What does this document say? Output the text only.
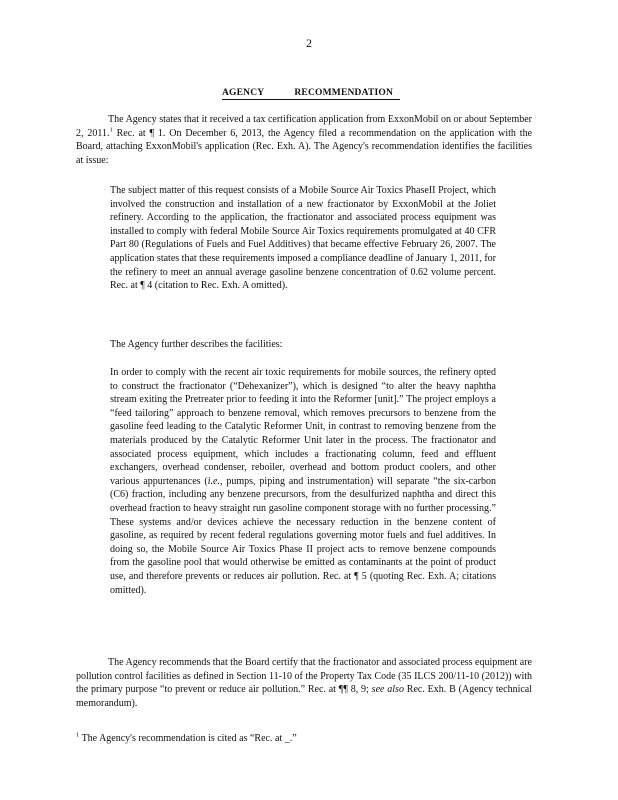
2
AGENCY	RECOMMENDATION

The Agency states that it received a tax certification application from ExxonMobil on or about September 2, 2011.$^1$ Rec. at ¶ 1. On December 6, 2013, the Agency filed a recommendation on the application with the Board, attaching ExxonMobil's application (Rec. Exh. A). The Agency's recommendation identifies the facilities at issue:

The subject matter of this request consists of a Mobile Source Air Toxics PhaseII Project, which involved the construction and installation of a new fractionator by ExxonMobil at the Joliet refinery. According to the application, the fractionator and associated process equipment was installed to comply with federal Mobile Source Air Toxics requirements promulgated at 40 CFR Part 80 (Regulations of Fuels and Fuel Additives) that became effective February 26, 2007. The application states that these requirements imposed a compliance deadline of January 1, 2011, for the refinery to meet an annual average gasoline benzene concentration of 0.62 volume percent. Rec. at ¶ 4 (citation to Rec. Exh. A omitted).

The Agency further describes the facilities:

In order to comply with the recent air toxic requirements for mobile sources, the refinery opted to construct the fractionator (“Dehexanizer”), which is designed “to alter the heavy naphtha stream exiting the Pretreater prior to feeding it into the Reformer [unit].” The project employs a “feed tailoring” approach to benzene removal, which removes precursors to benzene from the gasoline feed leading to the Catalytic Reformer Unit, in contrast to removing benzene from the materials produced by the Catalytic Reformer Unit later in the process. The fractionator and associated process equipment, which includes a fractionating column, feed and effluent exchangers, overhead condenser, reboiler, overhead and bottom product coolers, and other various appurtenances (i.e., pumps, piping and instrumentation) will separate “the six-carbon (C6) fraction, including any benzene precursors, from the desulfurized naphtha and direct this overhead fraction to heavy straight run gasoline component storage with no further processing.” These systems and/or devices achieve the necessary reduction in the benzene content of gasoline, as required by recent federal regulations governing motor fuels and fuel additives. In doing so, the Mobile Source Air Toxics Phase II project acts to remove benzene compounds from the gasoline pool that would otherwise be emitted as contaminants at the point of product use, and therefore prevents or reduces air pollution. Rec. at ¶ 5 (quoting Rec. Exh. A; citations omitted).

The Agency recommends that the Board certify that the fractionator and associated process equipment are pollution control facilities as defined in Section 11-10 of the Property Tax Code (35 ILCS 200/11-10 (2012)) with the primary purpose “to prevent or reduce air pollution.” Rec. at ¶¶ 8, 9; see also Rec. Exh. B (Agency technical memorandum).

$^1$ The Agency's recommendation is cited as “Rec. at _.”
